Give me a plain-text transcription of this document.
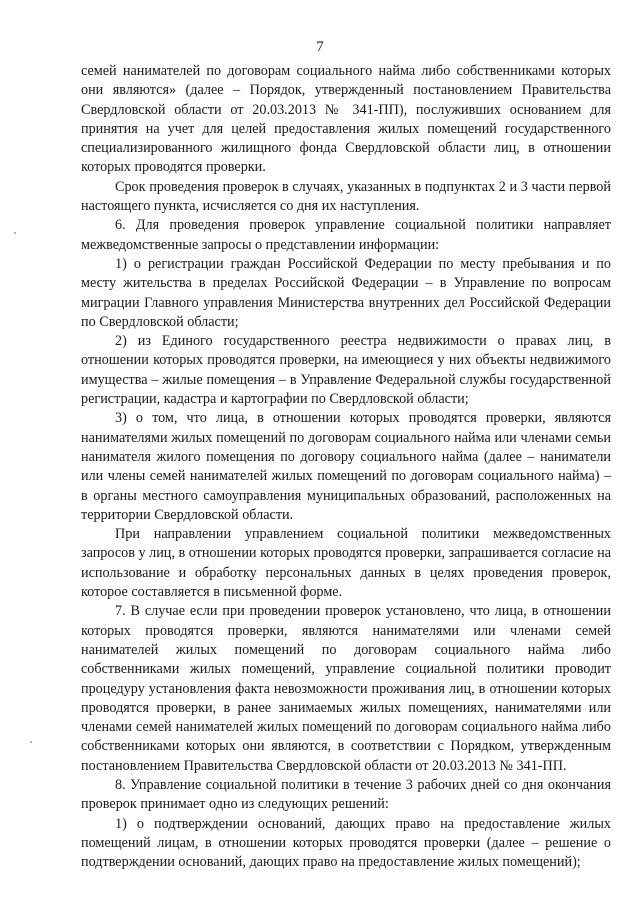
7

семей нанимателей по договорам социального найма либо собственниками которых они являются» (далее – Порядок, утвержденный постановлением Правительства Свердловской области от 20.03.2013 № 341-ПП), послуживших основанием для принятия на учет для целей предоставления жилых помещений государственного специализированного жилищного фонда Свердловской области лиц, в отношении которых проводятся проверки.

Срок проведения проверок в случаях, указанных в подпунктах 2 и 3 части первой настоящего пункта, исчисляется со дня их наступления.

6. Для проведения проверок управление социальной политики направляет межведомственные запросы о представлении информации:

1) о регистрации граждан Российской Федерации по месту пребывания и по месту жительства в пределах Российской Федерации – в Управление по вопросам миграции Главного управления Министерства внутренних дел Российской Федерации по Свердловской области;

2) из Единого государственного реестра недвижимости о правах лиц, в отношении которых проводятся проверки, на имеющиеся у них объекты недвижимого имущества – жилые помещения – в Управление Федеральной службы государственной регистрации, кадастра и картографии по Свердловской области;

3) о том, что лица, в отношении которых проводятся проверки, являются нанимателями жилых помещений по договорам социального найма или членами семьи нанимателя жилого помещения по договору социального найма (далее – наниматели или члены семей нанимателей жилых помещений по договорам социального найма) – в органы местного самоуправления муниципальных образований, расположенных на территории Свердловской области.

При направлении управлением социальной политики межведомственных запросов у лиц, в отношении которых проводятся проверки, запрашивается согласие на использование и обработку персональных данных в целях проведения проверок, которое составляется в письменной форме.

7. В случае если при проведении проверок установлено, что лица, в отношении которых проводятся проверки, являются нанимателями или членами семей нанимателей жилых помещений по договорам социального найма либо собственниками жилых помещений, управление социальной политики проводит процедуру установления факта невозможности проживания лиц, в отношении которых проводятся проверки, в ранее занимаемых жилых помещениях, нанимателями или членами семей нанимателей жилых помещений по договорам социального найма либо собственниками которых они являются, в соответствии с Порядком, утвержденным постановлением Правительства Свердловской области от 20.03.2013 № 341-ПП.

8. Управление социальной политики в течение 3 рабочих дней со дня окончания проверок принимает одно из следующих решений:

1) о подтверждении оснований, дающих право на предоставление жилых помещений лицам, в отношении которых проводятся проверки (далее – решение о подтверждении оснований, дающих право на предоставление жилых помещений);
